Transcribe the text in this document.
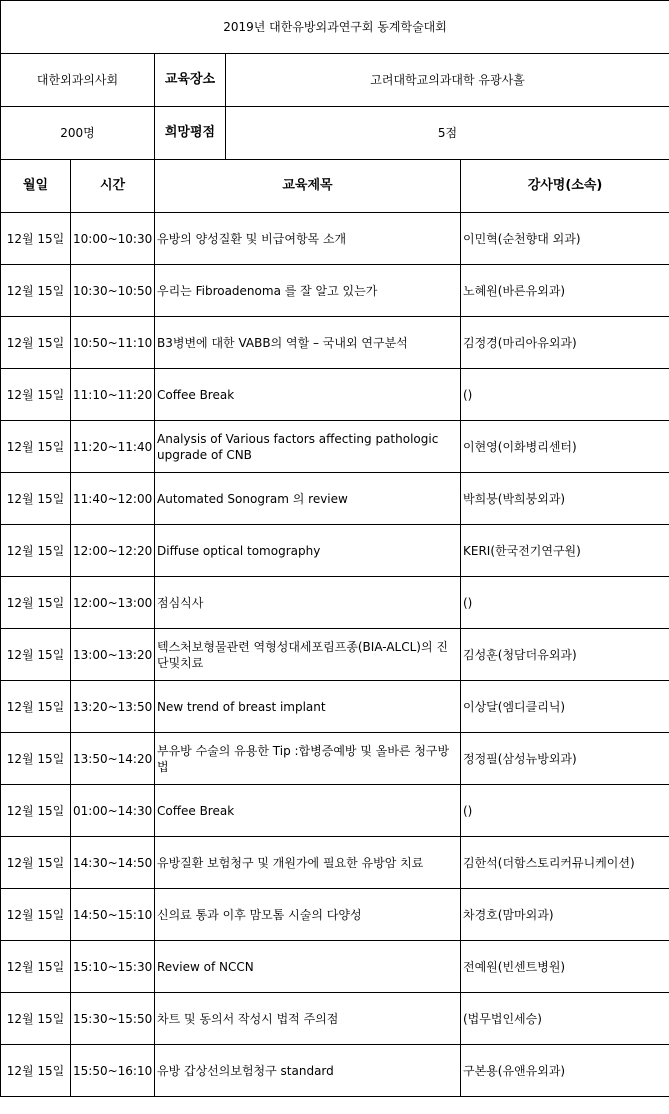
2019년 대한유방외과연구회 동계학술대회				
대한외과의사회		교육장소	고려대학교의과대학 유광사홀	
200명		희망평점	5점	
월일	시간	교육제목		강사명(소속)
12월 15일	10:00~10:30	유방의 양성질환 및 비급여항목 소개		이민혁(순천향대 외과)
12월 15일	10:30~10:50	우리는 Fibroadenoma 를 잘 알고 있는가		노혜원(바른유외과)
12월 15일	10:50~11:10	B3병변에 대한 VABB의 역할 – 국내외 연구분석		김정경(마리아유외과)
12월 15일	11:10~11:20	Coffee Break		()
12월 15일	11:20~11:40	Analysis of Various factors affecting pathologic upgrade of CNB		이현영(이화병리센터)
12월 15일	11:40~12:00	Automated Sonogram 의 review		박희붕(박희붕외과)
12월 15일	12:00~12:20	Diffuse optical tomography		KERI(한국전기연구원)
12월 15일	12:00~13:00	점심식사		()
12월 15일	13:00~13:20	텍스처보형물관련 역형성대세포림프종(BIA-ALCL)의 진단및치료		김성훈(청담더유외과)
12월 15일	13:20~13:50	New trend of breast implant		이상달(엠디클리닉)
12월 15일	13:50~14:20	부유방 수술의 유용한 Tip :합병증예방 및 올바른 청구방법		정정필(삼성뉴방외과)
12월 15일	01:00~14:30	Coffee Break		()
12월 15일	14:30~14:50	유방질환 보험청구 및 개원가에 필요한 유방암 치료		김한석(더함스토리커뮤니케이션)
12월 15일	14:50~15:10	신의료 통과 이후 맘모톰 시술의 다양성		차경호(맘마외과)
12월 15일	15:10~15:30	Review of NCCN		전예원(빈센트병원)
12월 15일	15:30~15:50	차트 및 동의서 작성시 법적 주의점		(법무법인세승)
12월 15일	15:50~16:10	유방 갑상선의보험청구 standard		구본용(유앤유외과)
